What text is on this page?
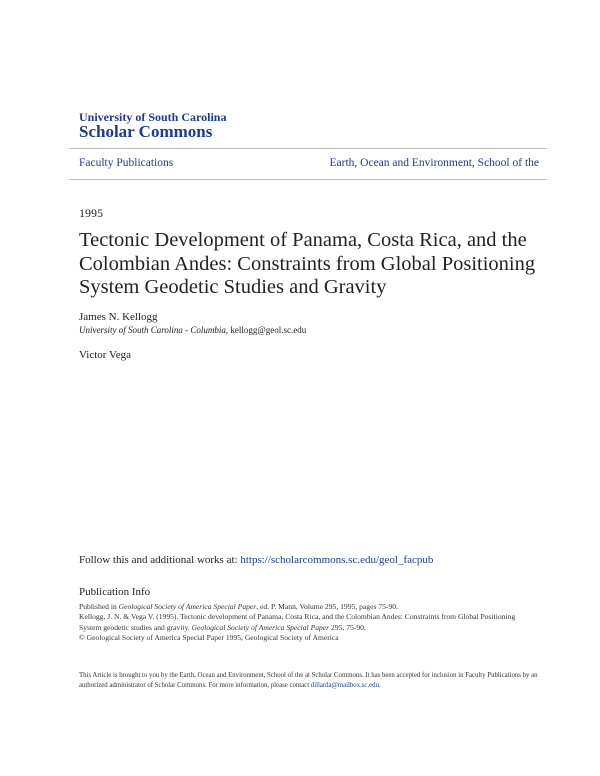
University of South Carolina
Scholar Commons
Faculty Publications	Earth, Ocean and Environment, School of the
1995
Tectonic Development of Panama, Costa Rica, and the Colombian Andes: Constraints from Global Positioning System Geodetic Studies and Gravity
James N. Kellogg
University of South Carolina - Columbia, kellogg@geol.sc.edu
Victor Vega
Follow this and additional works at: https://scholarcommons.sc.edu/geol_facpub
Publication Info

Published in Geological Society of America Special Paper, ed. P. Mann, Volume 295, 1995, pages 75-90.

Kellogg, J. N. & Vega V. (1995). Tectonic development of Panama, Costa Rica, and the Colombian Andes: Constraints from Global Positioning System geodetic studies and gravity. Geological Society of America Special Paper 295, 75-90.

© Geological Society of America Special Paper 1995, Geological Society of America

This Article is brought to you by the Earth, Ocean and Environment, School of the at Scholar Commons. It has been accepted for inclusion in Faculty Publications by an authorized administrator of Scholar Commons. For more information, please contact dillarda@mailbox.sc.edu.
